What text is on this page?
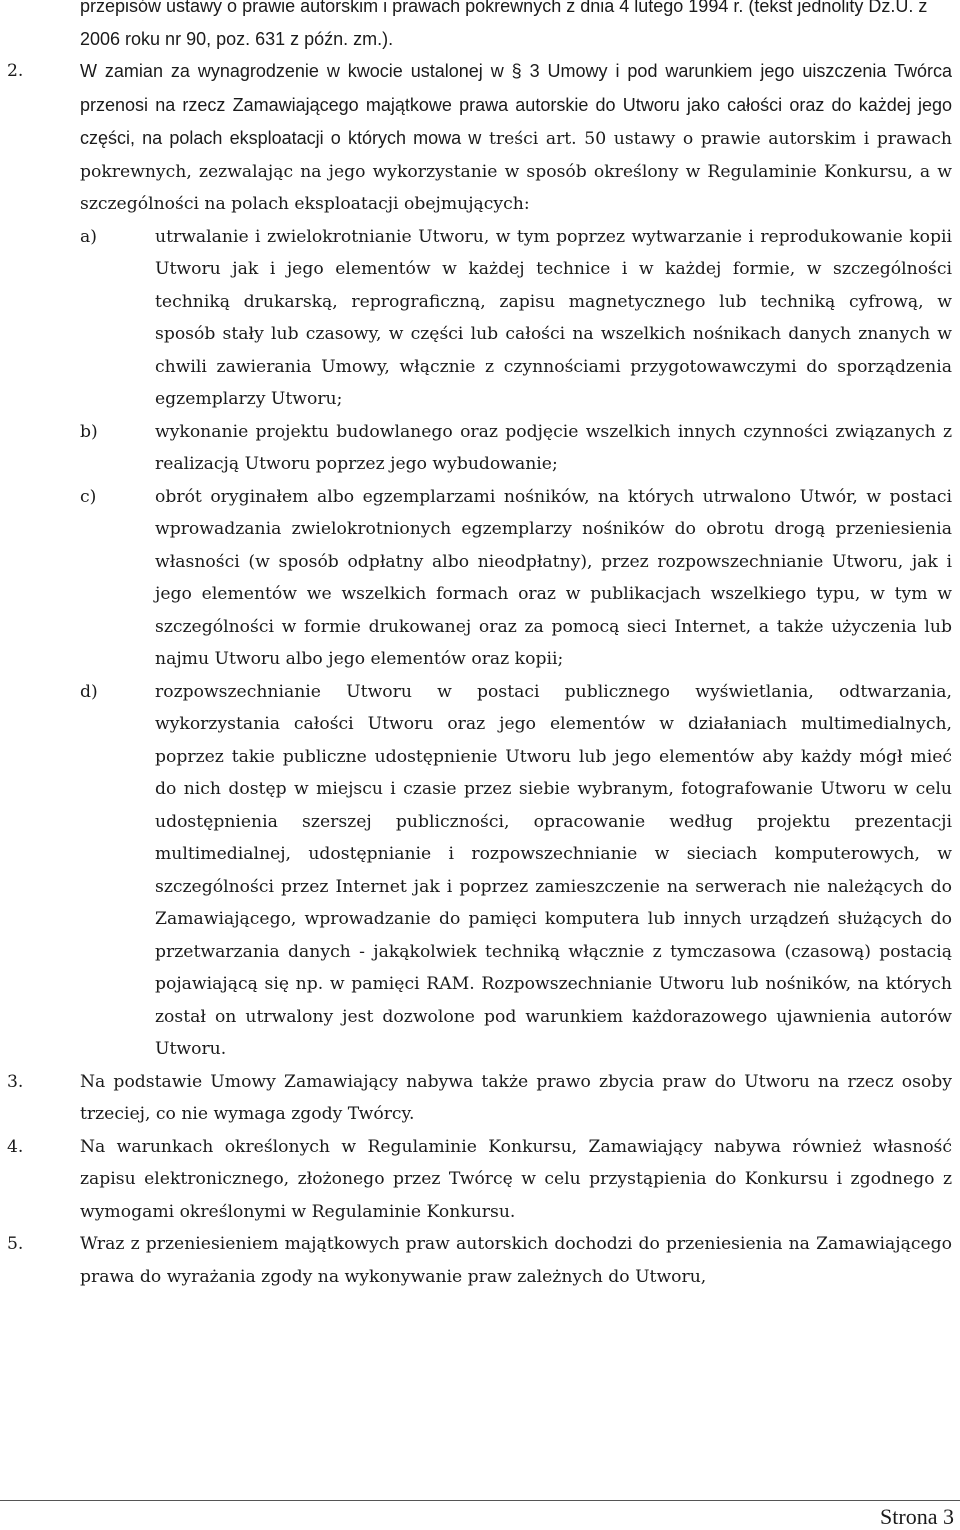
przepisów ustawy o prawie autorskim i prawach pokrewnych z dnia 4 lutego 1994 r. (tekst jednolity Dz.U. z 2006 roku nr 90, poz. 631 z późn. zm.).
2.	W zamian za wynagrodzenie w kwocie ustalonej w § 3 Umowy i pod warunkiem jego uiszczenia Twórca przenosi na rzecz Zamawiającego majątkowe prawa autorskie do Utworu jako całości oraz do każdej jego części, na polach eksploatacji o których mowa w treści art. 50 ustawy o prawie autorskim i prawach pokrewnych, zezwalając na jego wykorzystanie w sposób określony w Regulaminie Konkursu, a w szczególności na polach eksploatacji obejmujących:

a)	utrwalanie i zwielokrotnianie Utworu, w tym poprzez wytwarzanie i reprodukowanie kopii Utworu jak i jego elementów w każdej technice i w każdej formie, w szczególności techniką drukarską, reprograficzną, zapisu magnetycznego lub techniką cyfrową, w sposób stały lub czasowy, w części lub całości na wszelkich nośnikach danych znanych w chwili zawierania Umowy, włącznie z czynnościami przygotowawczymi do sporządzenia egzemplarzy Utworu;
b)	wykonanie projektu budowlanego oraz podjęcie wszelkich innych czynności związanych z realizacją Utworu poprzez jego wybudowanie;
c)	obrót oryginałem albo egzemplarzami nośników, na których utrwalono Utwór, w postaci wprowadzania zwielokrotnionych egzemplarzy nośników do obrotu drogą przeniesienia własności (w sposób odpłatny albo nieodpłatny), przez rozpowszechnianie Utworu, jak i jego elementów we wszelkich formach oraz w publikacjach wszelkiego typu, w tym w szczególności w formie drukowanej oraz za pomocą sieci Internet, a także użyczenia lub najmu Utworu albo jego elementów oraz kopii;
d)	rozpowszechnianie Utworu w postaci publicznego wyświetlania, odtwarzania, wykorzystania całości Utworu oraz jego elementów w działaniach multimedialnych, poprzez takie publiczne udostępnienie Utworu lub jego elementów aby każdy mógł mieć do nich dostęp w miejscu i czasie przez siebie wybranym, fotografowanie Utworu w celu udostępnienia szerszej publiczności, opracowanie według projektu prezentacji multimedialnej, udostępnianie i rozpowszechnianie w sieciach komputerowych, w szczególności przez Internet jak i poprzez zamieszczenie na serwerach nie należących do Zamawiającego, wprowadzanie do pamięci komputera lub innych urządzeń służących do przetwarzania danych - jakąkolwiek techniką włącznie z tymczasowa (czasową) postacią pojawiającą się np. w pamięci RAM. Rozpowszechnianie Utworu lub nośników, na których został on utrwalony jest dozwolone pod warunkiem każdorazowego ujawnienia autorów Utworu.
3.	Na podstawie Umowy Zamawiający nabywa także prawo zbycia praw do Utworu na rzecz osoby trzeciej, co nie wymaga zgody Twórcy.

4.	Na warunkach określonych w Regulaminie Konkursu, Zamawiający nabywa również własność zapisu elektronicznego, złożonego przez Twórcę w celu przystąpienia do Konkursu i zgodnego z wymogami określonymi w Regulaminie Konkursu.

5.	Wraz z przeniesieniem majątkowych praw autorskich dochodzi do przeniesienia na Zamawiającego prawa do wyrażania zgody na wykonywanie praw zależnych do Utworu,

Strona 3
